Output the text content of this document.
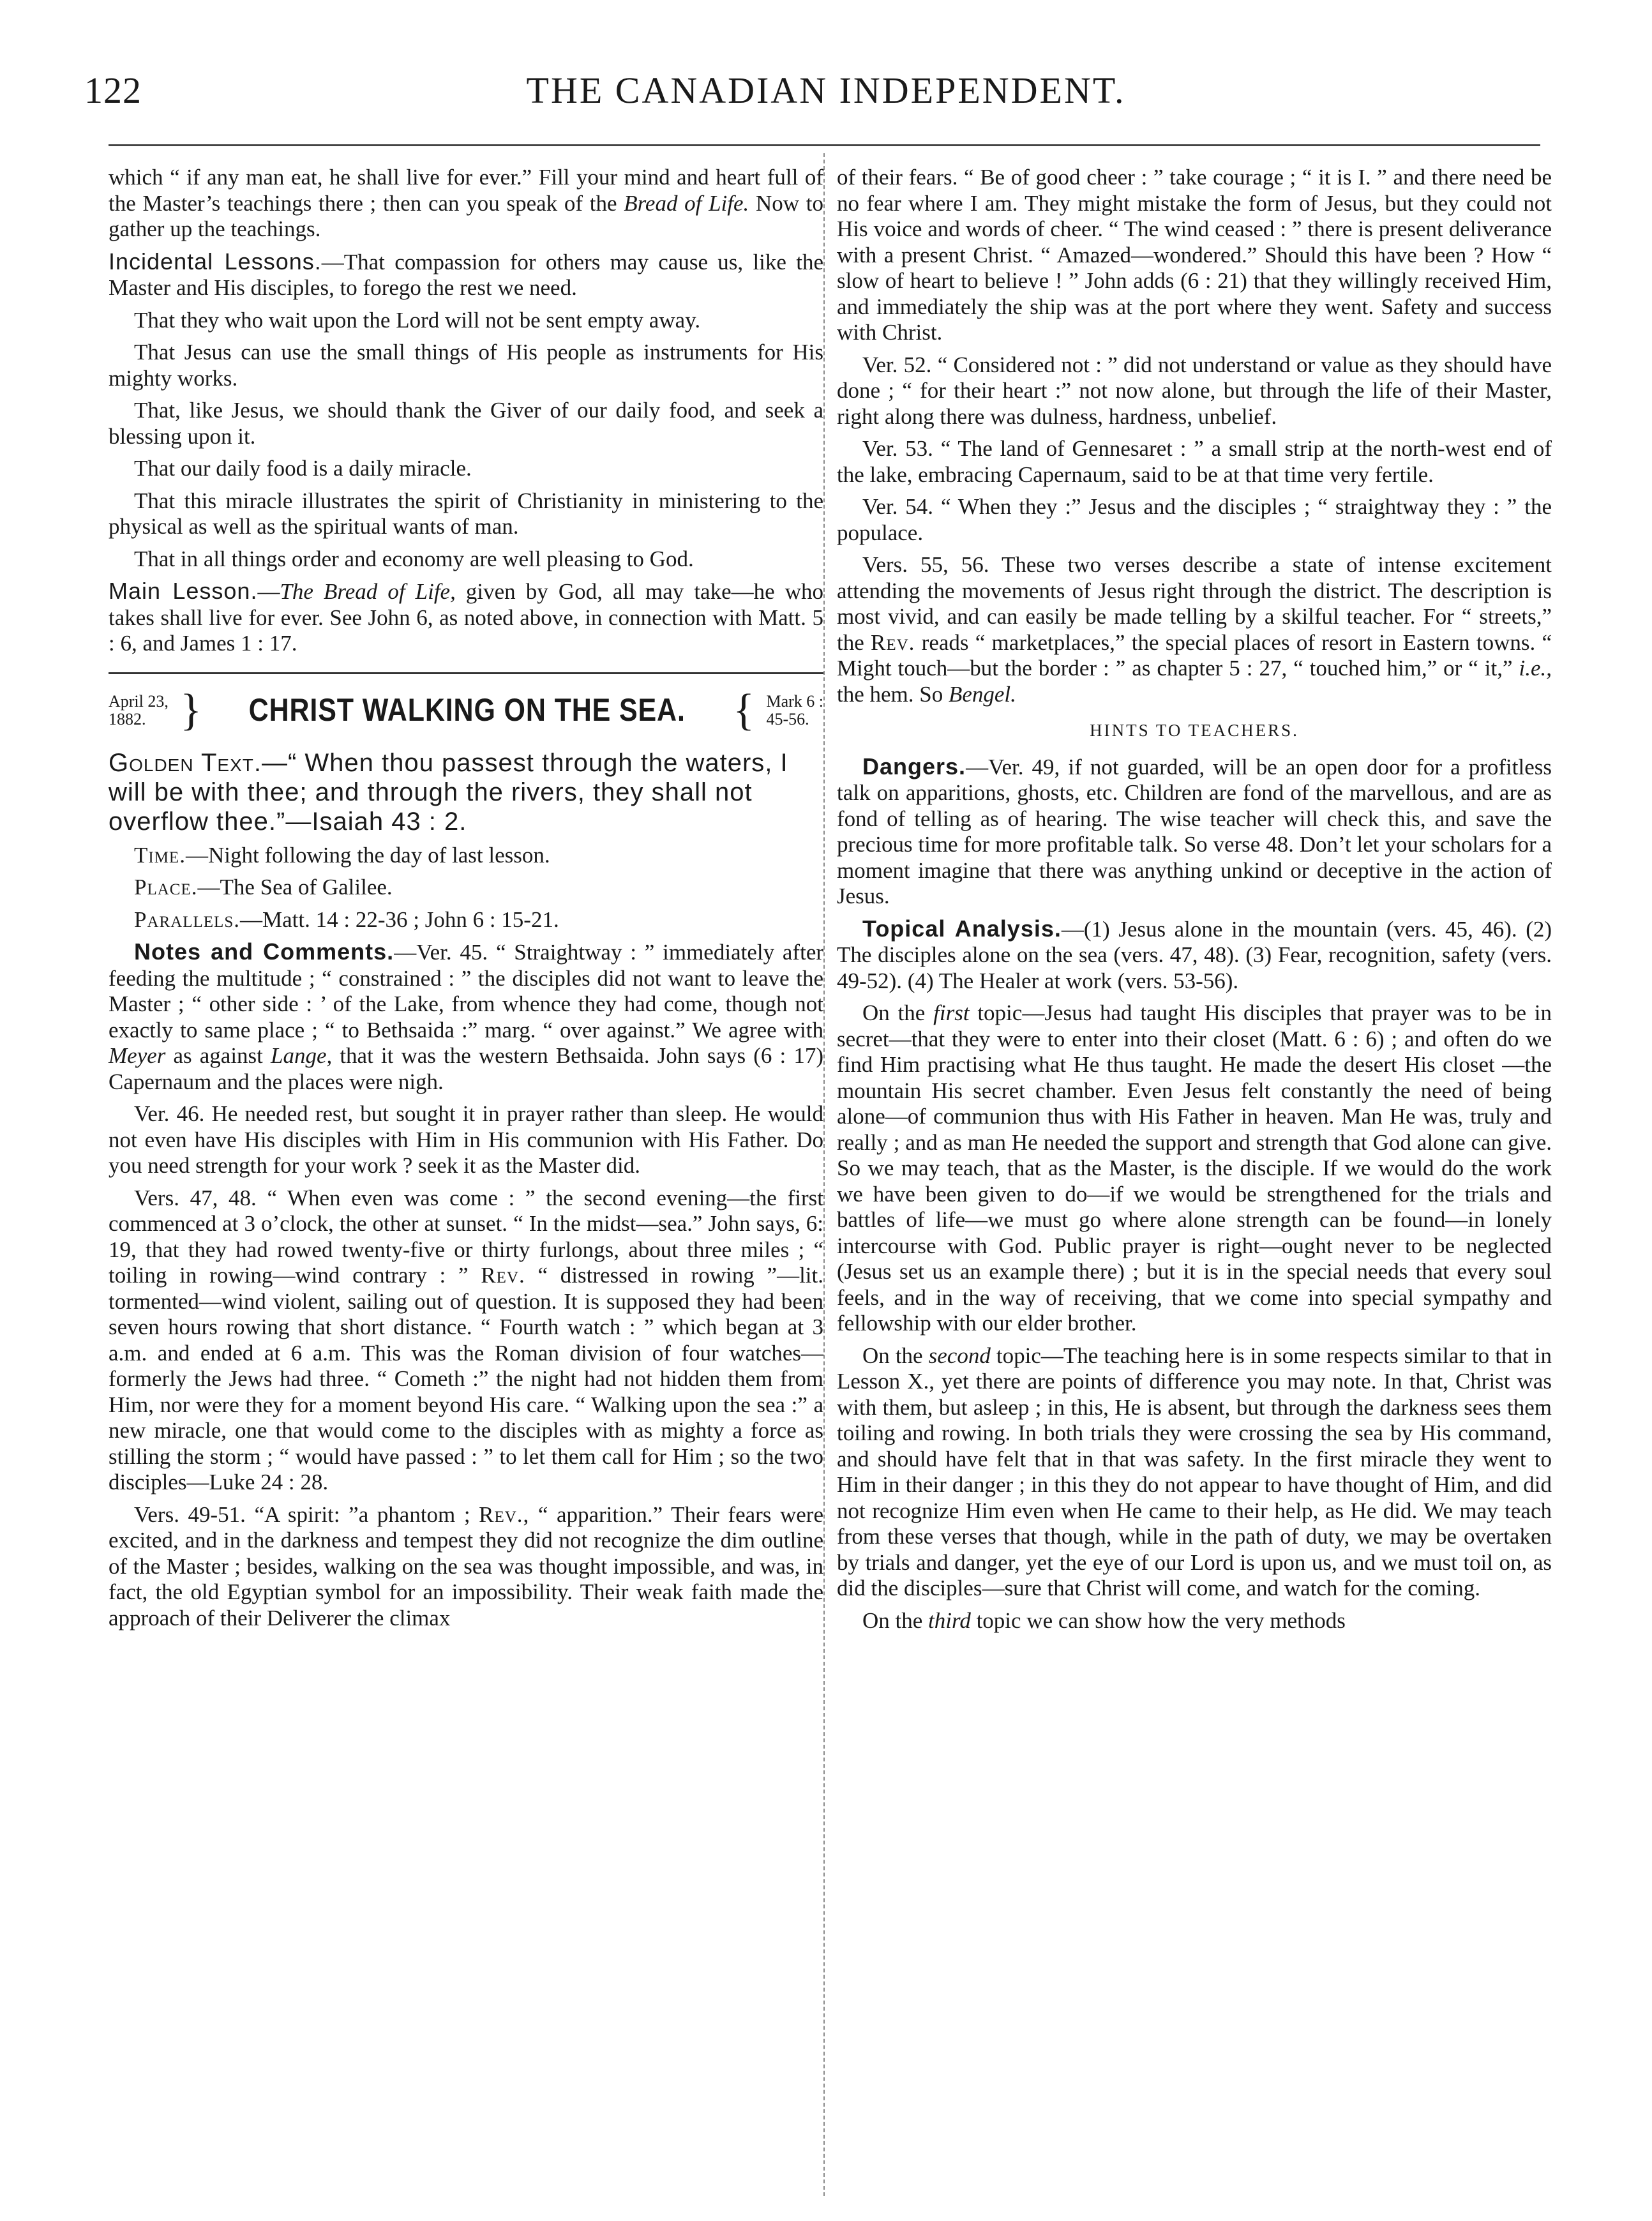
122	THE CANADIAN INDEPENDENT.

which “ if any man eat, he shall live for ever.” Fill your mind and heart full of the Master’s teachings there ; then can you speak of the Bread of Life. Now to gather up the teachings.

Incidental Lessons.—That compassion for others may cause us, like the Master and His disciples, to forego the rest we need.

That they who wait upon the Lord will not be sent empty away.

That Jesus can use the small things of His people as instruments for His mighty works.

That, like Jesus, we should thank the Giver of our daily food, and seek a blessing upon it.

That our daily food is a daily miracle.

That this miracle illustrates the spirit of Christianity in ministering to the physical as well as the spiritual wants of man.

That in all things order and economy are well pleasing to God.

Main Lesson.—The Bread of Life, given by God, all may take—he who takes shall live for ever. See John 6, as noted above, in connection with Matt. 5 : 6, and James 1 : 17.

April 23,
1882. } CHRIST WALKING ON THE SEA. { Mark 6 :
45-56.

Golden Text.—“ When thou passest through the waters, I will be with thee; and through the rivers, they shall not overflow thee.”—Isaiah 43 : 2.

Time.—Night following the day of last lesson.

Place.—The Sea of Galilee.

Parallels.—Matt. 14 : 22-36 ; John 6 : 15-21.

Notes and Comments.—Ver. 45. “ Straightway : ” immediately after feeding the multitude ; “ constrained : ” the disciples did not want to leave the Master ; “ other side : ’ of the Lake, from whence they had come, though not exactly to same place ; “ to Bethsaida :” marg. “ over against.” We agree with Meyer as against Lange, that it was the western Bethsaida. John says (6 : 17) Capernaum and the places were nigh.

Ver. 46. He needed rest, but sought it in prayer rather than sleep. He would not even have His disciples with Him in His communion with His Father. Do you need strength for your work ? seek it as the Master did.

Vers. 47, 48. “ When even was come : ” the second evening—the first commenced at 3 o’clock, the other at sunset. “ In the midst—sea.” John says, 6: 19, that they had rowed twenty-five or thirty furlongs, about three miles ; “ toiling in rowing—wind contrary : ” Rev. “ distressed in rowing ”—lit. tormented—wind violent, sailing out of question. It is supposed they had been seven hours rowing that short distance. “ Fourth watch : ” which began at 3 a.m. and ended at 6 a.m. This was the Roman division of four watches—formerly the Jews had three. “ Cometh :” the night had not hidden them from Him, nor were they for a moment beyond His care. “ Walking upon the sea :” a new miracle, one that would come to the disciples with as mighty a force as stilling the storm ; “ would have passed : ” to let them call for Him ; so the two disciples—Luke 24 : 28.

Vers. 49-51. “A spirit: ”a phantom ; Rev., “ apparition.” Their fears were excited, and in the darkness and tempest they did not recognize the dim outline of the Master ; besides, walking on the sea was thought impossible, and was, in fact, the old Egyptian symbol for an impossibility. Their weak faith made the approach of their Deliverer the climax

of their fears. “ Be of good cheer : ” take courage ; “ it is I. ” and there need be no fear where I am. They might mistake the form of Jesus, but they could not His voice and words of cheer. “ The wind ceased : ” there is present deliverance with a present Christ. “ Amazed—wondered.” Should this have been ? How “ slow of heart to believe ! ” John adds (6 : 21) that they willingly received Him, and immediately the ship was at the port where they went. Safety and success with Christ.

Ver. 52. “ Considered not : ” did not understand or value as they should have done ; “ for their heart :” not now alone, but through the life of their Master, right along there was dulness, hardness, unbelief.

Ver. 53. “ The land of Gennesaret : ” a small strip at the north-west end of the lake, embracing Capernaum, said to be at that time very fertile.

Ver. 54. “ When they :” Jesus and the disciples ; “ straightway they : ” the populace.

Vers. 55, 56. These two verses describe a state of intense excitement attending the movements of Jesus right through the district. The description is most vivid, and can easily be made telling by a skilful teacher. For “ streets,” the Rev. reads “ marketplaces,” the special places of resort in Eastern towns. “ Might touch—but the border : ” as chapter 5 : 27, “ touched him,” or “ it,” i.e., the hem. So Bengel.

HINTS TO TEACHERS.

Dangers.—Ver. 49, if not guarded, will be an open door for a profitless talk on apparitions, ghosts, etc. Children are fond of the marvellous, and are as fond of telling as of hearing. The wise teacher will check this, and save the precious time for more profitable talk. So verse 48. Don’t let your scholars for a moment imagine that there was anything unkind or deceptive in the action of Jesus.

Topical Analysis.—(1) Jesus alone in the mountain (vers. 45, 46). (2) The disciples alone on the sea (vers. 47, 48). (3) Fear, recognition, safety (vers. 49-52). (4) The Healer at work (vers. 53-56).

On the first topic—Jesus had taught His disciples that prayer was to be in secret—that they were to enter into their closet (Matt. 6 : 6) ; and often do we find Him practising what He thus taught. He made the desert His closet —the mountain His secret chamber. Even Jesus felt constantly the need of being alone—of communion thus with His Father in heaven. Man He was, truly and really ; and as man He needed the support and strength that God alone can give. So we may teach, that as the Master, is the disciple. If we would do the work we have been given to do—if we would be strengthened for the trials and battles of life—we must go where alone strength can be found—in lonely intercourse with God. Public prayer is right—ought never to be neglected (Jesus set us an example there) ; but it is in the special needs that every soul feels, and in the way of receiving, that we come into special sympathy and fellowship with our elder brother.

On the second topic—The teaching here is in some respects similar to that in Lesson X., yet there are points of difference you may note. In that, Christ was with them, but asleep ; in this, He is absent, but through the darkness sees them toiling and rowing. In both trials they were crossing the sea by His command, and should have felt that in that was safety. In the first miracle they went to Him in their danger ; in this they do not appear to have thought of Him, and did not recognize Him even when He came to their help, as He did. We may teach from these verses that though, while in the path of duty, we may be overtaken by trials and danger, yet the eye of our Lord is upon us, and we must toil on, as did the disciples—sure that Christ will come, and watch for the coming.

On the third topic we can show how the very methods
